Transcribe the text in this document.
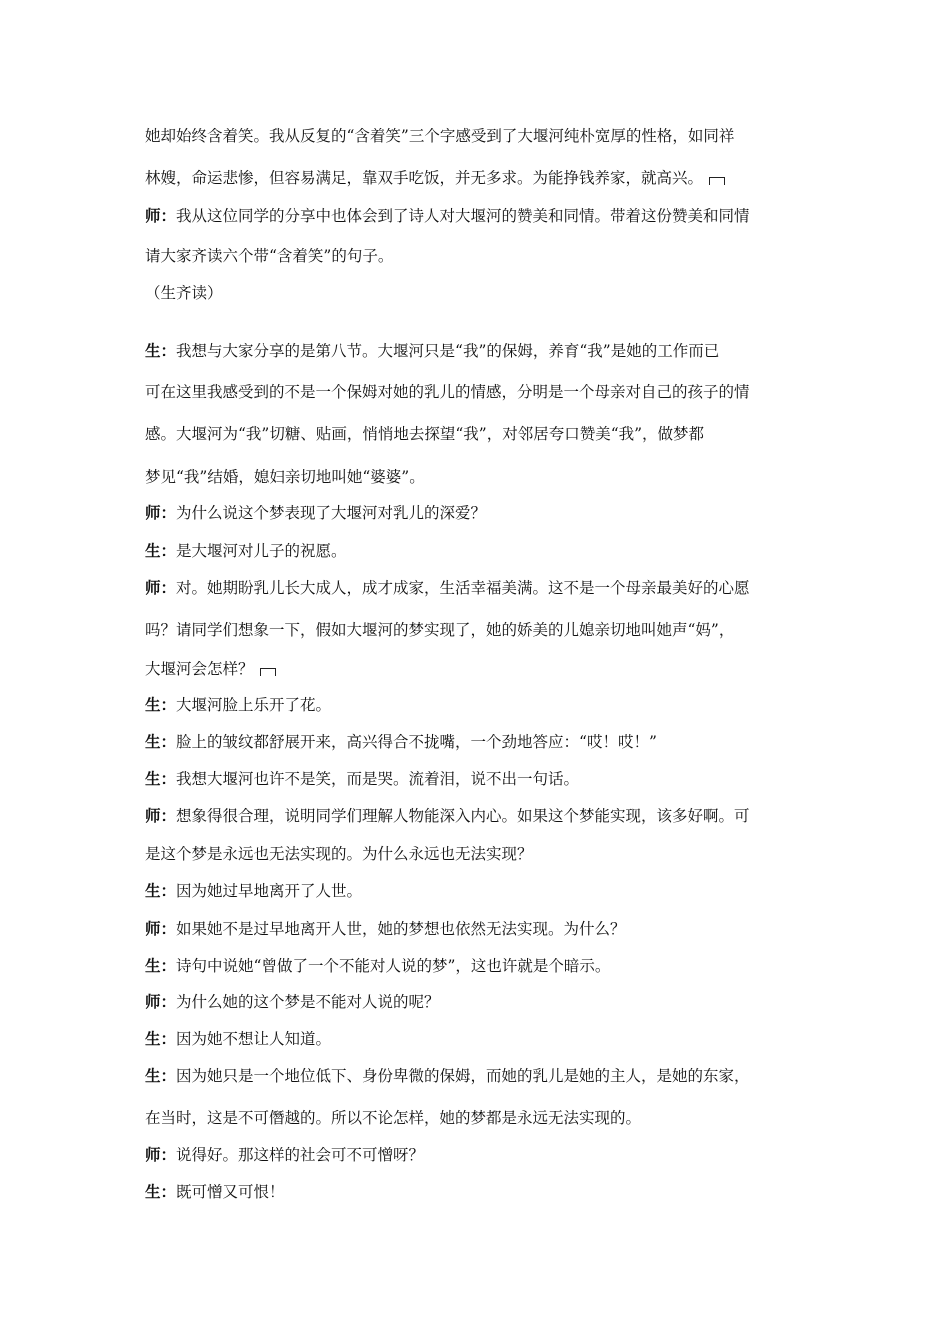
她却始终含着笑。我从反复的“含着笑”三个字感受到了大堰河纯朴宽厚的性格，如同祥
林嫂，命运悲惨，但容易满足，靠双手吃饭，并无多求。为能挣钱养家，就高兴。
师：我从这位同学的分享中也体会到了诗人对大堰河的赞美和同情。带着这份赞美和同情
请大家齐读六个带“含着笑”的句子。
（生齐读）
生：我想与大家分享的是第八节。大堰河只是“我”的保姆，养育“我”是她的工作而已
可在这里我感受到的不是一个保姆对她的乳儿的情感，分明是一个母亲对自己的孩子的情
感。大堰河为“我”切糖、贴画，悄悄地去探望“我”，对邻居夸口赞美“我”，做梦都
梦见“我”结婚，媳妇亲切地叫她“婆婆”。
师：为什么说这个梦表现了大堰河对乳儿的深爱？
生：是大堰河对儿子的祝愿。
师：对。她期盼乳儿长大成人，成才成家，生活幸福美满。这不是一个母亲最美好的心愿
吗？请同学们想象一下，假如大堰河的梦实现了，她的娇美的儿媳亲切地叫她声“妈”，
大堰河会怎样？
生：大堰河脸上乐开了花。
生：脸上的皱纹都舒展开来，高兴得合不拢嘴，一个劲地答应：“哎！哎！”
生：我想大堰河也许不是笑，而是哭。流着泪，说不出一句话。
师：想象得很合理，说明同学们理解人物能深入内心。如果这个梦能实现，该多好啊。可
是这个梦是永远也无法实现的。为什么永远也无法实现？
生：因为她过早地离开了人世。
师：如果她不是过早地离开人世，她的梦想也依然无法实现。为什么？
生：诗句中说她“曾做了一个不能对人说的梦”，这也许就是个暗示。
师：为什么她的这个梦是不能对人说的呢？
生：因为她不想让人知道。
生：因为她只是一个地位低下、身份卑微的保姆，而她的乳儿是她的主人，是她的东家，
在当时，这是不可僭越的。所以不论怎样，她的梦都是永远无法实现的。
师：说得好。那这样的社会可不可憎呀？
生：既可憎又可恨！
